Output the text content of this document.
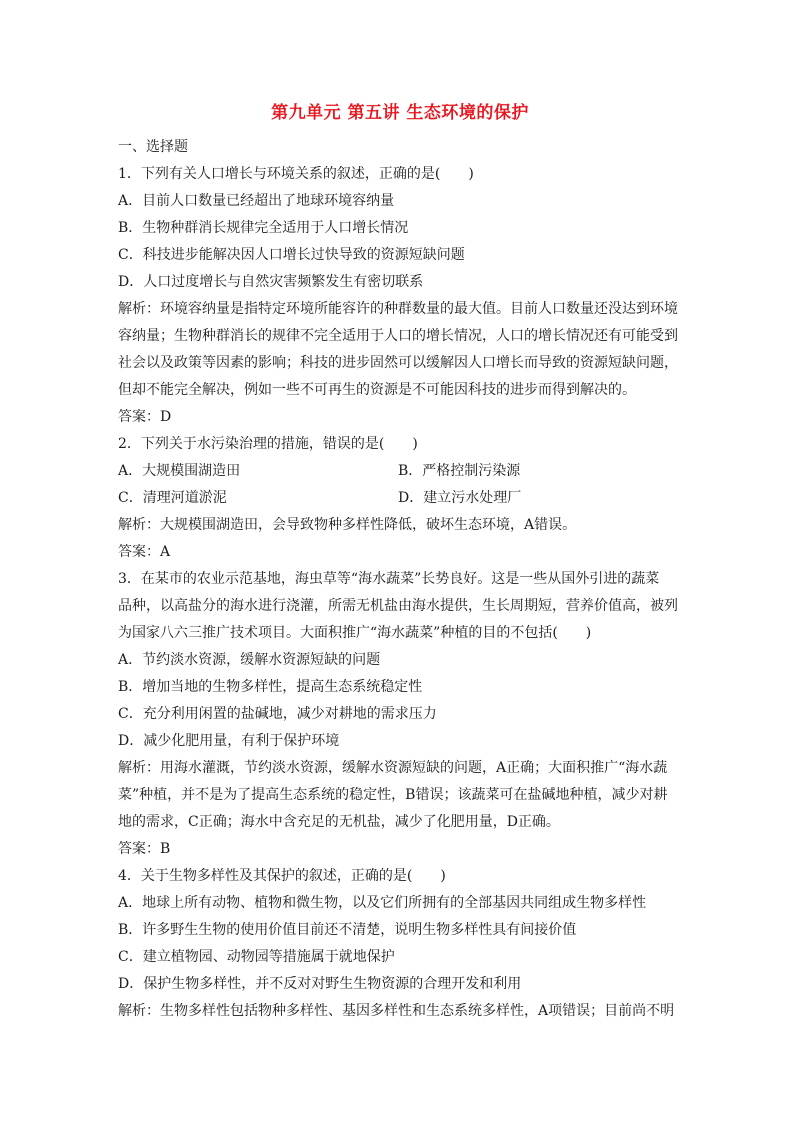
第九单元 第五讲 生态环境的保护
一、选择题
1．下列有关人口增长与环境关系的叙述，正确的是(　　)
A．目前人口数量已经超出了地球环境容纳量
B．生物种群消长规律完全适用于人口增长情况
C．科技进步能解决因人口增长过快导致的资源短缺问题
D．人口过度增长与自然灾害频繁发生有密切联系
解析：环境容纳量是指特定环境所能容许的种群数量的最大值。目前人口数量还没达到环境
容纳量；生物种群消长的规律不完全适用于人口的增长情况，人口的增长情况还有可能受到
社会以及政策等因素的影响；科技的进步固然可以缓解因人口增长而导致的资源短缺问题，
但却不能完全解决，例如一些不可再生的资源是不可能因科技的进步而得到解决的。
答案：D
2．下列关于水污染治理的措施，错误的是(　　)
A．大规模围湖造田	B．严格控制污染源
C．清理河道淤泥	D．建立污水处理厂
解析：大规模围湖造田，会导致物种多样性降低，破坏生态环境，A错误。
答案：A
3．在某市的农业示范基地，海虫草等“海水蔬菜”长势良好。这是一些从国外引进的蔬菜
品种，以高盐分的海水进行浇灌，所需无机盐由海水提供，生长周期短，营养价值高，被列
为国家八六三推广技术项目。大面积推广“海水蔬菜”种植的目的不包括(　　)
A．节约淡水资源，缓解水资源短缺的问题
B．增加当地的生物多样性，提高生态系统稳定性
C．充分利用闲置的盐碱地，减少对耕地的需求压力
D．减少化肥用量，有利于保护环境
解析：用海水灌溉，节约淡水资源，缓解水资源短缺的问题，A正确；大面积推广“海水蔬
菜”种植，并不是为了提高生态系统的稳定性，B错误；该蔬菜可在盐碱地种植，减少对耕
地的需求，C正确；海水中含充足的无机盐，减少了化肥用量，D正确。
答案：B
4．关于生物多样性及其保护的叙述，正确的是(　　)
A．地球上所有动物、植物和微生物，以及它们所拥有的全部基因共同组成生物多样性
B．许多野生生物的使用价值目前还不清楚，说明生物多样性具有间接价值
C．建立植物园、动物园等措施属于就地保护
D．保护生物多样性，并不反对对野生生物资源的合理开发和利用
解析：生物多样性包括物种多样性、基因多样性和生态系统多样性，A项错误；目前尚不明
